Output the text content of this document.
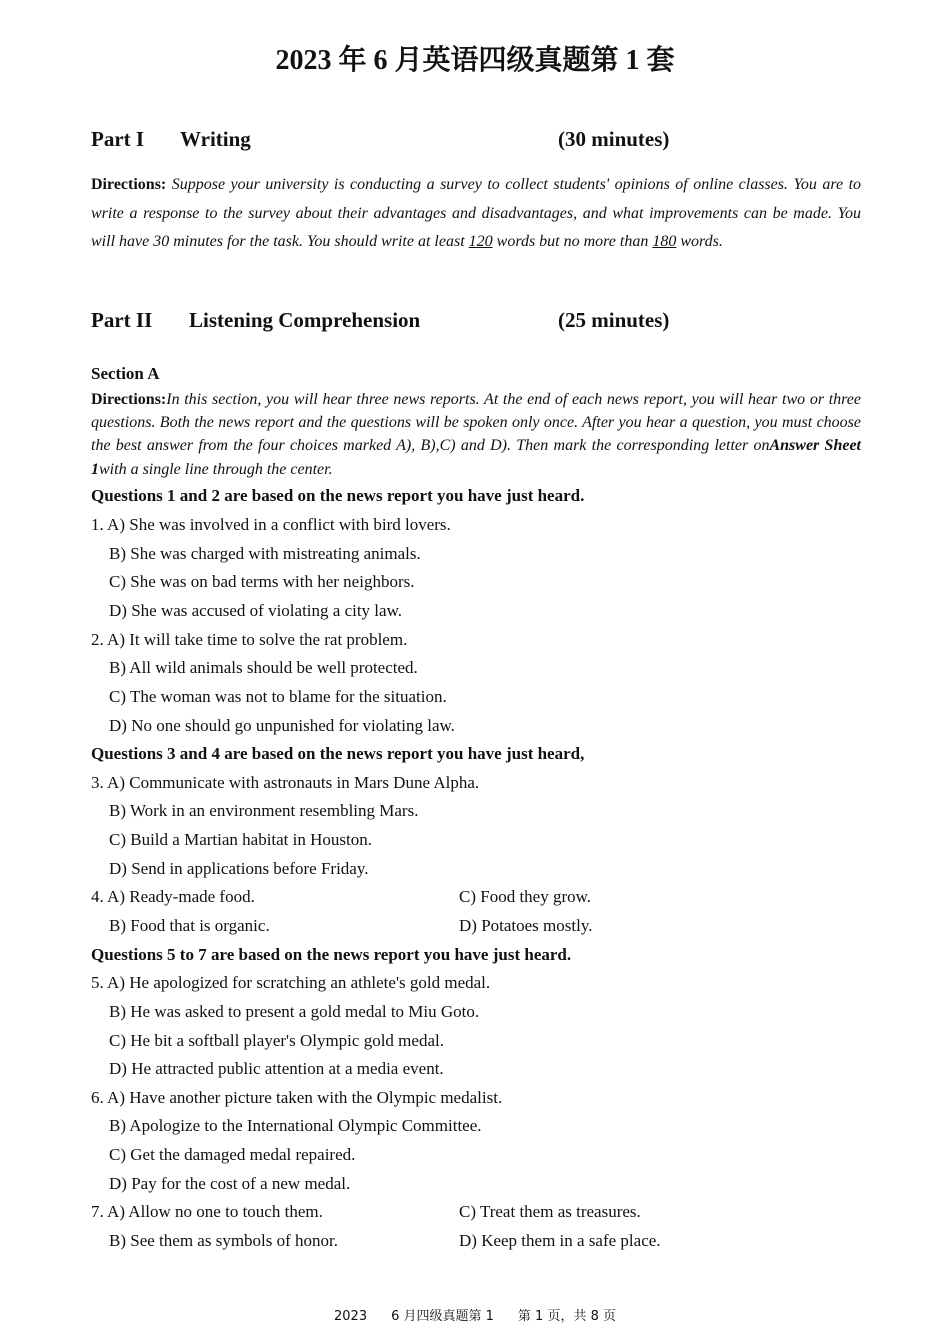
2023 年 6 月英语四级真题第 1 套
Part I Writing	(30 minutes)
Directions: Suppose your university is conducting a survey to collect students' opinions of online classes. You are to write a response to the survey about their advantages and disadvantages, and what improvements can be made. You will have 30 minutes for the task. You should write at least 120 words but no more than 180 words.
Part II Listening Comprehension	(25 minutes)
Section A
Directions:In this section, you will hear three news reports. At the end of each news report, you will hear two or three questions. Both the news report and the questions will be spoken only once. After you hear a question, you must choose the best answer from the four choices marked A), B),C) and D). Then mark the corresponding letter onAnswer Sheet 1with a single line through the center.
Questions 1 and 2 are based on the news report you have just heard.
1. A) She was involved in a conflict with bird lovers.
B) She was charged with mistreating animals.
C) She was on bad terms with her neighbors.
D) She was accused of violating a city law.
2. A) It will take time to solve the rat problem.
B) All wild animals should be well protected.
C) The woman was not to blame for the situation.
D) No one should go unpunished for violating law.
Questions 3 and 4 are based on the news report you have just heard,
3. A) Communicate with astronauts in Mars Dune Alpha.
B) Work in an environment resembling Mars.
C) Build a Martian habitat in Houston.
D) Send in applications before Friday.
4. A) Ready-made food.	C) Food they grow.
B) Food that is organic.	D) Potatoes mostly.
Questions 5 to 7 are based on the news report you have just heard.
5. A) He apologized for scratching an athlete's gold medal.
B) He was asked to present a gold medal to Miu Goto.
C) He bit a softball player's Olympic gold medal.
D) He attracted public attention at a media event.
6. A) Have another picture taken with the Olympic medalist.
B) Apologize to the International Olympic Committee.
C) Get the damaged medal repaired.
D) Pay for the cost of a new medal.
7. A) Allow no one to touch them.	C) Treat them as treasures.
B) See them as symbols of honor.	D) Keep them in a safe place.
2023 6 月四级真题第 1 第 1 页，共 8 页
